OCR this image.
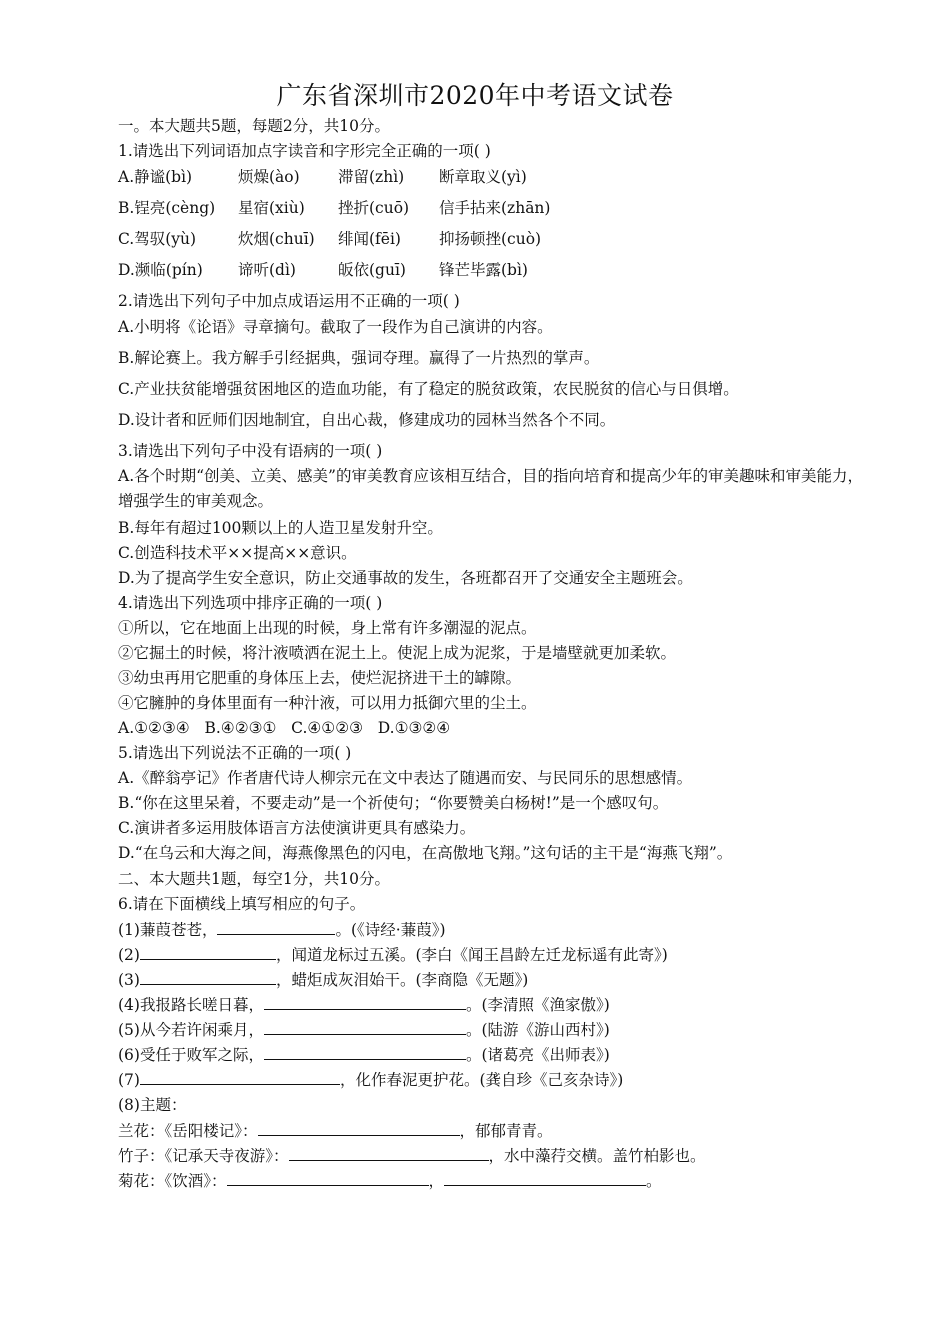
广东省深圳市2020年中考语文试卷
一。本大题共5题，每题2分，共10分。
1.请选出下列词语加点字读音和字形完全正确的一项( )
A.静谧(bì)	烦燥(ào) 滞留(zhì) 断章取义(yì)
B.锃亮(cèng) 星宿(xiù) 挫折(cuō) 信手拈来(zhān)
C.驾驭(yù)	炊烟(chuī) 绯闻(fēi) 抑扬顿挫(cuò)
D.濒临(pín) 谛听(dì)	皈依(guī) 锋芒毕露(bì)
2.请选出下列句子中加点成语运用不正确的一项( )
A.小明将《论语》寻章摘句。截取了一段作为自己演讲的内容。
B.解论赛上。我方解手引经据典，强词夺理。赢得了一片热烈的掌声。
C.产业扶贫能增强贫困地区的造血功能，有了稳定的脱贫政策，农民脱贫的信心与日俱增。
D.设计者和匠师们因地制宜，自出心裁，修建成功的园林当然各个不同。
3.请选出下列句子中没有语病的一项( )
A.各个时期“创美、立美、感美”的审美教育应该相互结合，目的指向培育和提高少年的审美趣味和审美能力，增强学生的审美观念。
B.每年有超过100颗以上的人造卫星发射升空。
C.创造科技术平××提高××意识。
D.为了提高学生安全意识，防止交通事故的发生，各班都召开了交通安全主题班会。
4.请选出下列选项中排序正确的一项( )
①所以，它在地面上出现的时候，身上常有许多潮湿的泥点。
②它掘土的时候，将汁液喷洒在泥土上。使泥上成为泥浆，于是墙壁就更加柔软。
③幼虫再用它肥重的身体压上去，使烂泥挤进干土的罅隙。
④它臃肿的身体里面有一种汁液，可以用力抵御穴里的尘土。
A.①②③④   B.④②③①   C.④①②③   D.①③②④
5.请选出下列说法不正确的一项( )
A.《醉翁亭记》作者唐代诗人柳宗元在文中表达了随遇而安、与民同乐的思想感情。
B.“你在这里呆着，不要走动”是一个祈使句；“你要赞美白杨树!”是一个感叹句。
C.演讲者多运用肢体语言方法使演讲更具有感染力。
D.“在乌云和大海之间，海燕像黑色的闪电，在高傲地飞翔。”这句话的主干是“海燕飞翔”。
二、本大题共1题，每空1分，共10分。
6.请在下面横线上填写相应的句子。
(1)蒹葭苍苍，	。(《诗经·蒹葭》)
(2)	，闻道龙标过五溪。(李白《闻王昌龄左迁龙标遥有此寄》)
(3)	，蜡炬成灰泪始干。(李商隐《无题》)
(4)我报路长嗟日暮，	。(李清照《渔家傲》)
(5)从今若许闲乘月，	。(陆游《游山西村》)
(6)受任于败军之际，	。(诸葛亮《出师表》)
(7)	，化作春泥更护花。(龚自珍《己亥杂诗》)
(8)主题：
兰花：《岳阳楼记》：	，郁郁青青。
竹子：《记承天寺夜游》：	，水中藻荇交横。盖竹柏影也。
菊花：《饮酒》：	，	。
